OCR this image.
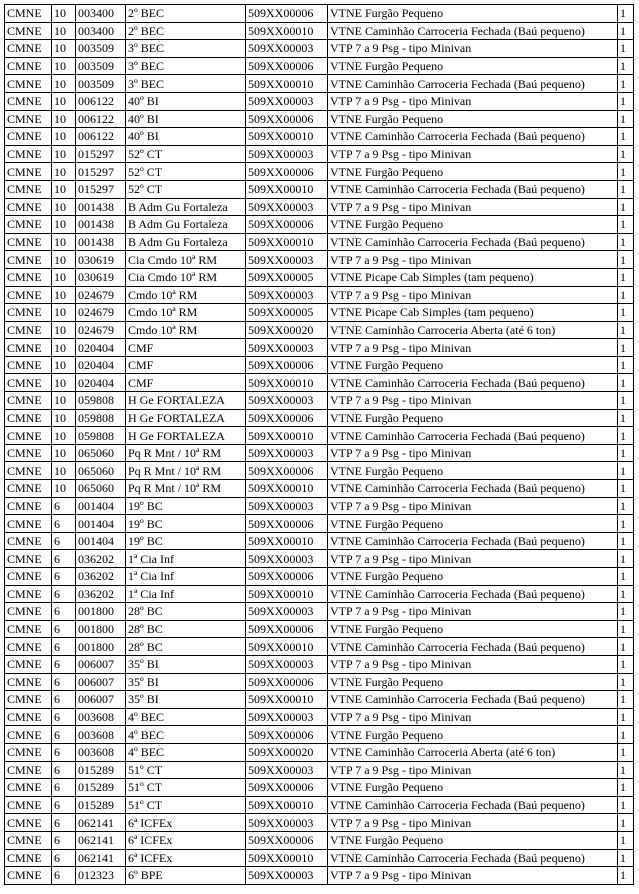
CMNE	10	003400	2º BEC	509XX00006	VTNE Furgão Pequeno	1
CMNE	10	003400	2º BEC	509XX00010	VTNE Caminhão Carroceria Fechada (Baú pequeno)	1
CMNE	10	003509	3º BEC	509XX00003	VTP 7 a 9 Psg - tipo Minivan	1
CMNE	10	003509	3º BEC	509XX00006	VTNE Furgão Pequeno	1
CMNE	10	003509	3º BEC	509XX00010	VTNE Caminhão Carroceria Fechada (Baú pequeno)	1
CMNE	10	006122	40º BI	509XX00003	VTP 7 a 9 Psg - tipo Minivan	1
CMNE	10	006122	40º BI	509XX00006	VTNE Furgão Pequeno	1
CMNE	10	006122	40º BI	509XX00010	VTNE Caminhão Carroceria Fechada (Baú pequeno)	1
CMNE	10	015297	52º CT	509XX00003	VTP 7 a 9 Psg - tipo Minivan	1
CMNE	10	015297	52º CT	509XX00006	VTNE Furgão Pequeno	1
CMNE	10	015297	52º CT	509XX00010	VTNE Caminhão Carroceria Fechada (Baú pequeno)	1
CMNE	10	001438	B Adm Gu Fortaleza	509XX00003	VTP 7 a 9 Psg - tipo Minivan	1
CMNE	10	001438	B Adm Gu Fortaleza	509XX00006	VTNE Furgão Pequeno	1
CMNE	10	001438	B Adm Gu Fortaleza	509XX00010	VTNE Caminhão Carroceria Fechada (Baú pequeno)	1
CMNE	10	030619	Cia Cmdo 10ª RM	509XX00003	VTP 7 a 9 Psg - tipo Minivan	1
CMNE	10	030619	Cia Cmdo 10ª RM	509XX00005	VTNE Picape Cab Simples (tam pequeno)	1
CMNE	10	024679	Cmdo 10ª RM	509XX00003	VTP 7 a 9 Psg - tipo Minivan	1
CMNE	10	024679	Cmdo 10ª RM	509XX00005	VTNE Picape Cab Simples (tam pequeno)	1
CMNE	10	024679	Cmdo 10ª RM	509XX00020	VTNE Caminhão Carroceria Aberta (até 6 ton)	1
CMNE	10	020404	CMF	509XX00003	VTP 7 a 9 Psg - tipo Minivan	1
CMNE	10	020404	CMF	509XX00006	VTNE Furgão Pequeno	1
CMNE	10	020404	CMF	509XX00010	VTNE Caminhão Carroceria Fechada (Baú pequeno)	1
CMNE	10	059808	H Ge FORTALEZA	509XX00003	VTP 7 a 9 Psg - tipo Minivan	1
CMNE	10	059808	H Ge FORTALEZA	509XX00006	VTNE Furgão Pequeno	1
CMNE	10	059808	H Ge FORTALEZA	509XX00010	VTNE Caminhão Carroceria Fechada (Baú pequeno)	1
CMNE	10	065060	Pq R Mnt / 10ª RM	509XX00003	VTP 7 a 9 Psg - tipo Minivan	1
CMNE	10	065060	Pq R Mnt / 10ª RM	509XX00006	VTNE Furgão Pequeno	1
CMNE	10	065060	Pq R Mnt / 10ª RM	509XX00010	VTNE Caminhão Carroceria Fechada (Baú pequeno)	1
CMNE	6	001404	19º BC	509XX00003	VTP 7 a 9 Psg - tipo Minivan	1
CMNE	6	001404	19º BC	509XX00006	VTNE Furgão Pequeno	1
CMNE	6	001404	19º BC	509XX00010	VTNE Caminhão Carroceria Fechada (Baú pequeno)	1
CMNE	6	036202	1ª Cia Inf	509XX00003	VTP 7 a 9 Psg - tipo Minivan	1
CMNE	6	036202	1ª Cia Inf	509XX00006	VTNE Furgão Pequeno	1
CMNE	6	036202	1ª Cia Inf	509XX00010	VTNE Caminhão Carroceria Fechada (Baú pequeno)	1
CMNE	6	001800	28º BC	509XX00003	VTP 7 a 9 Psg - tipo Minivan	1
CMNE	6	001800	28º BC	509XX00006	VTNE Furgão Pequeno	1
CMNE	6	001800	28º BC	509XX00010	VTNE Caminhão Carroceria Fechada (Baú pequeno)	1
CMNE	6	006007	35º BI	509XX00003	VTP 7 a 9 Psg - tipo Minivan	1
CMNE	6	006007	35º BI	509XX00006	VTNE Furgão Pequeno	1
CMNE	6	006007	35º BI	509XX00010	VTNE Caminhão Carroceria Fechada (Baú pequeno)	1
CMNE	6	003608	4º BEC	509XX00003	VTP 7 a 9 Psg - tipo Minivan	1
CMNE	6	003608	4º BEC	509XX00006	VTNE Furgão Pequeno	1
CMNE	6	003608	4º BEC	509XX00020	VTNE Caminhão Carroceria Aberta (até 6 ton)	1
CMNE	6	015289	51º CT	509XX00003	VTP 7 a 9 Psg - tipo Minivan	1
CMNE	6	015289	51º CT	509XX00006	VTNE Furgão Pequeno	1
CMNE	6	015289	51º CT	509XX00010	VTNE Caminhão Carroceria Fechada (Baú pequeno)	1
CMNE	6	062141	6ª ICFEx	509XX00003	VTP 7 a 9 Psg - tipo Minivan	1
CMNE	6	062141	6ª ICFEx	509XX00006	VTNE Furgão Pequeno	1
CMNE	6	062141	6ª ICFEx	509XX00010	VTNE Caminhão Carroceria Fechada (Baú pequeno)	1
CMNE	6	012323	6º BPE	509XX00003	VTP 7 a 9 Psg - tipo Minivan	1
